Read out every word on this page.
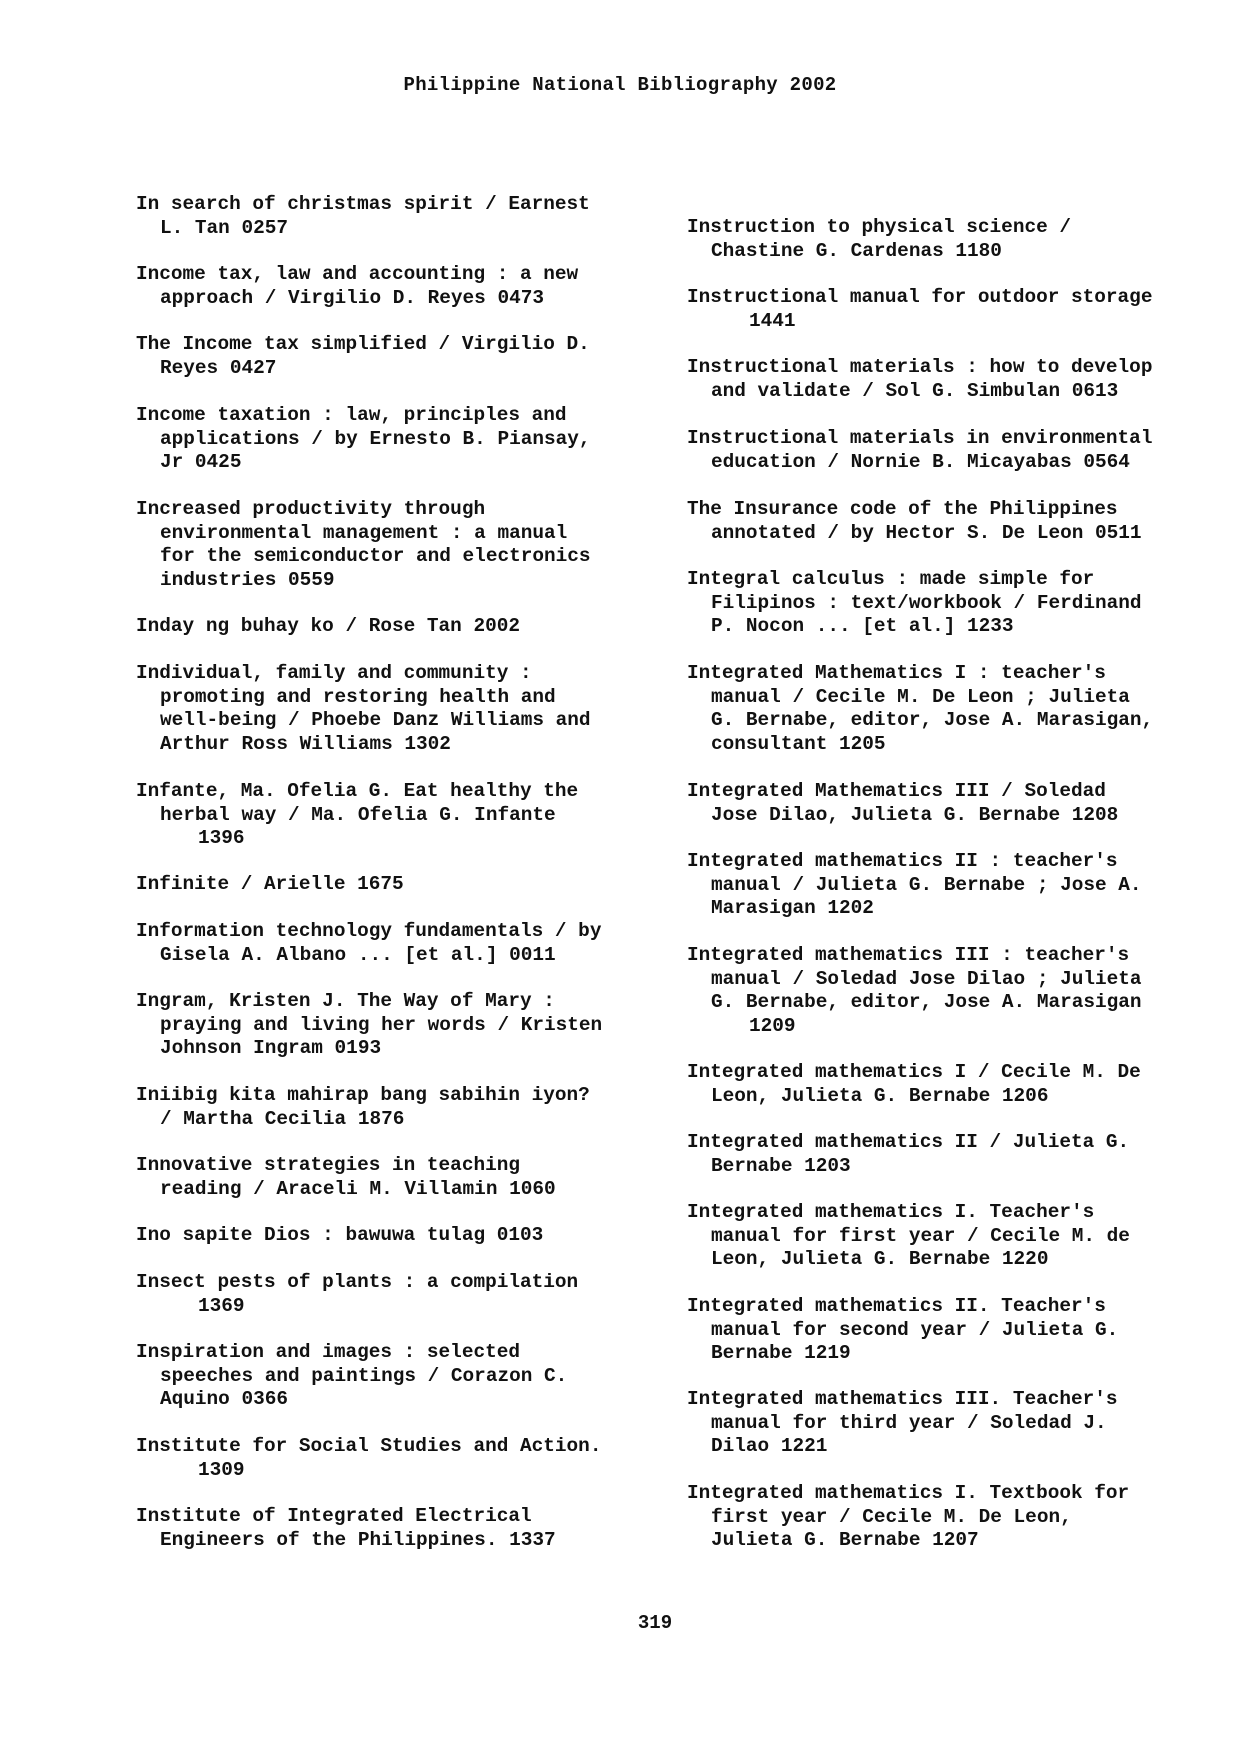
Philippine National Bibliography 2002
In search of christmas spirit / Earnest
L. Tan 0257
Income tax, law and accounting : a new
approach / Virgilio D. Reyes 0473
The Income tax simplified / Virgilio D.
Reyes 0427
Income taxation : law, principles and
applications / by Ernesto B. Piansay,
Jr 0425
Increased productivity through
environmental management : a manual
for the semiconductor and electronics
industries 0559
Inday ng buhay ko / Rose Tan 2002
Individual, family and community :
promoting and restoring health and
well-being / Phoebe Danz Williams and
Arthur Ross Williams 1302
Infante, Ma. Ofelia G. Eat healthy the
herbal way / Ma. Ofelia G. Infante
1396
Infinite / Arielle 1675
Information technology fundamentals / by
Gisela A. Albano ... [et al.] 0011
Ingram, Kristen J. The Way of Mary :
praying and living her words / Kristen
Johnson Ingram 0193
Iniibig kita mahirap bang sabihin iyon?
/ Martha Cecilia 1876
Innovative strategies in teaching
reading / Araceli M. Villamin 1060
Ino sapite Dios : bawuwa tulag 0103
Insect pests of plants : a compilation
1369
Inspiration and images : selected
speeches and paintings / Corazon C.
Aquino 0366
Institute for Social Studies and Action.
1309
Institute of Integrated Electrical
Engineers of the Philippines. 1337
Instruction to physical science /
Chastine G. Cardenas 1180
Instructional manual for outdoor storage
1441
Instructional materials : how to develop
and validate / Sol G. Simbulan 0613
Instructional materials in environmental
education / Nornie B. Micayabas 0564
The Insurance code of the Philippines
annotated / by Hector S. De Leon 0511
Integral calculus : made simple for
Filipinos : text/workbook / Ferdinand
P. Nocon ... [et al.] 1233
Integrated Mathematics I : teacher's
manual / Cecile M. De Leon ; Julieta
G. Bernabe, editor, Jose A. Marasigan,
consultant 1205
Integrated Mathematics III / Soledad
Jose Dilao, Julieta G. Bernabe 1208
Integrated mathematics II : teacher's
manual / Julieta G. Bernabe ; Jose A.
Marasigan 1202
Integrated mathematics III : teacher's
manual / Soledad Jose Dilao ; Julieta
G. Bernabe, editor, Jose A. Marasigan
1209
Integrated mathematics I / Cecile M. De
Leon, Julieta G. Bernabe 1206
Integrated mathematics II / Julieta G.
Bernabe 1203
Integrated mathematics I. Teacher's
manual for first year / Cecile M. de
Leon, Julieta G. Bernabe 1220
Integrated mathematics II. Teacher's
manual for second year / Julieta G.
Bernabe 1219
Integrated mathematics III. Teacher's
manual for third year / Soledad J.
Dilao 1221
Integrated mathematics I. Textbook for
first year / Cecile M. De Leon,
Julieta G. Bernabe 1207
319
